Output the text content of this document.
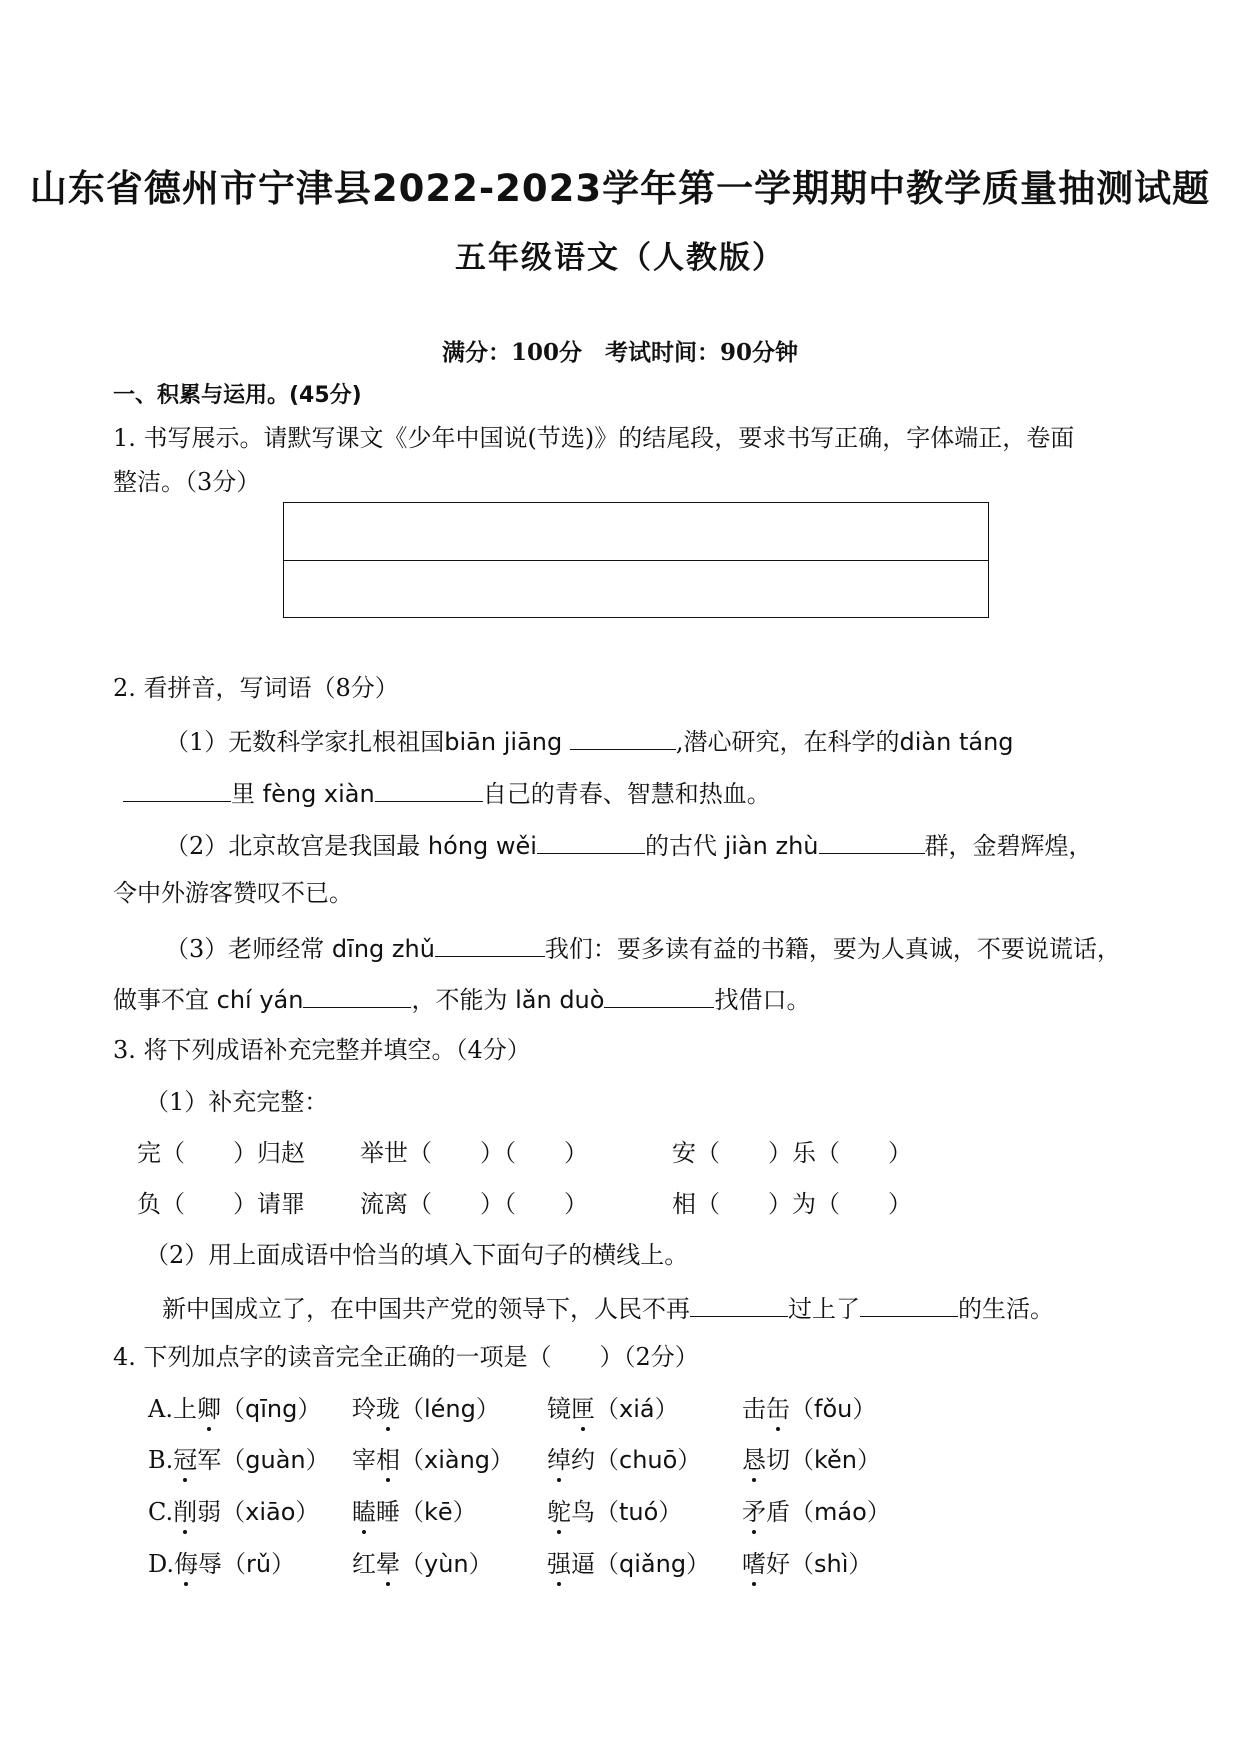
山东省德州市宁津县2022-2023学年第一学期期中教学质量抽测试题
五年级语文（人教版）
满分：100分　考试时间：90分钟
一、积累与运用。(45分)
1. 书写展示。请默写课文《少年中国说(节选)》的结尾段，要求书写正确，字体端正，卷面
整洁。（3分）
2. 看拼音，写词语（8分）
（1）无数科学家扎根祖国biān jiāng	,潜心研究，在科学的diàn táng
里 fèng xiàn	自己的青春、智慧和热血。
（2）北京故宫是我国最 hóng wěi	的古代 jiàn zhù	群，金碧辉煌，
令中外游客赞叹不已。
（3）老师经常 dīng zhǔ	我们：要多读有益的书籍，要为人真诚，不要说谎话，
做事不宜 chí yán	，不能为 lǎn duò	找借口。
3. 将下列成语补充完整并填空。（4分）
（1）补充完整：
完（　　）归赵 举世（　　）（　　）	安（　　）乐（　　）
负（　　）请罪 流离（　　）（　　）	相（　　）为（　　）
（2）用上面成语中恰当的填入下面句子的横线上。
新中国成立了，在中国共产党的领导下，人民不再	过上了	的生活。
4. 下列加点字的读音完全正确的一项是（　　）（2分）
A.上卿（qīng） 玲珑（léng） 镜匣（xiá）	击缶（fǒu）
B.冠军（guàn） 宰相（xiàng） 绰约（chuō） 恳切（kěn）
C.削弱（xiāo） 瞌睡（kē）	鸵鸟（tuó） 矛盾（máo）
D.侮辱（rǔ） 红晕（yùn） 强逼（qiǎng） 嗜好（shì）
